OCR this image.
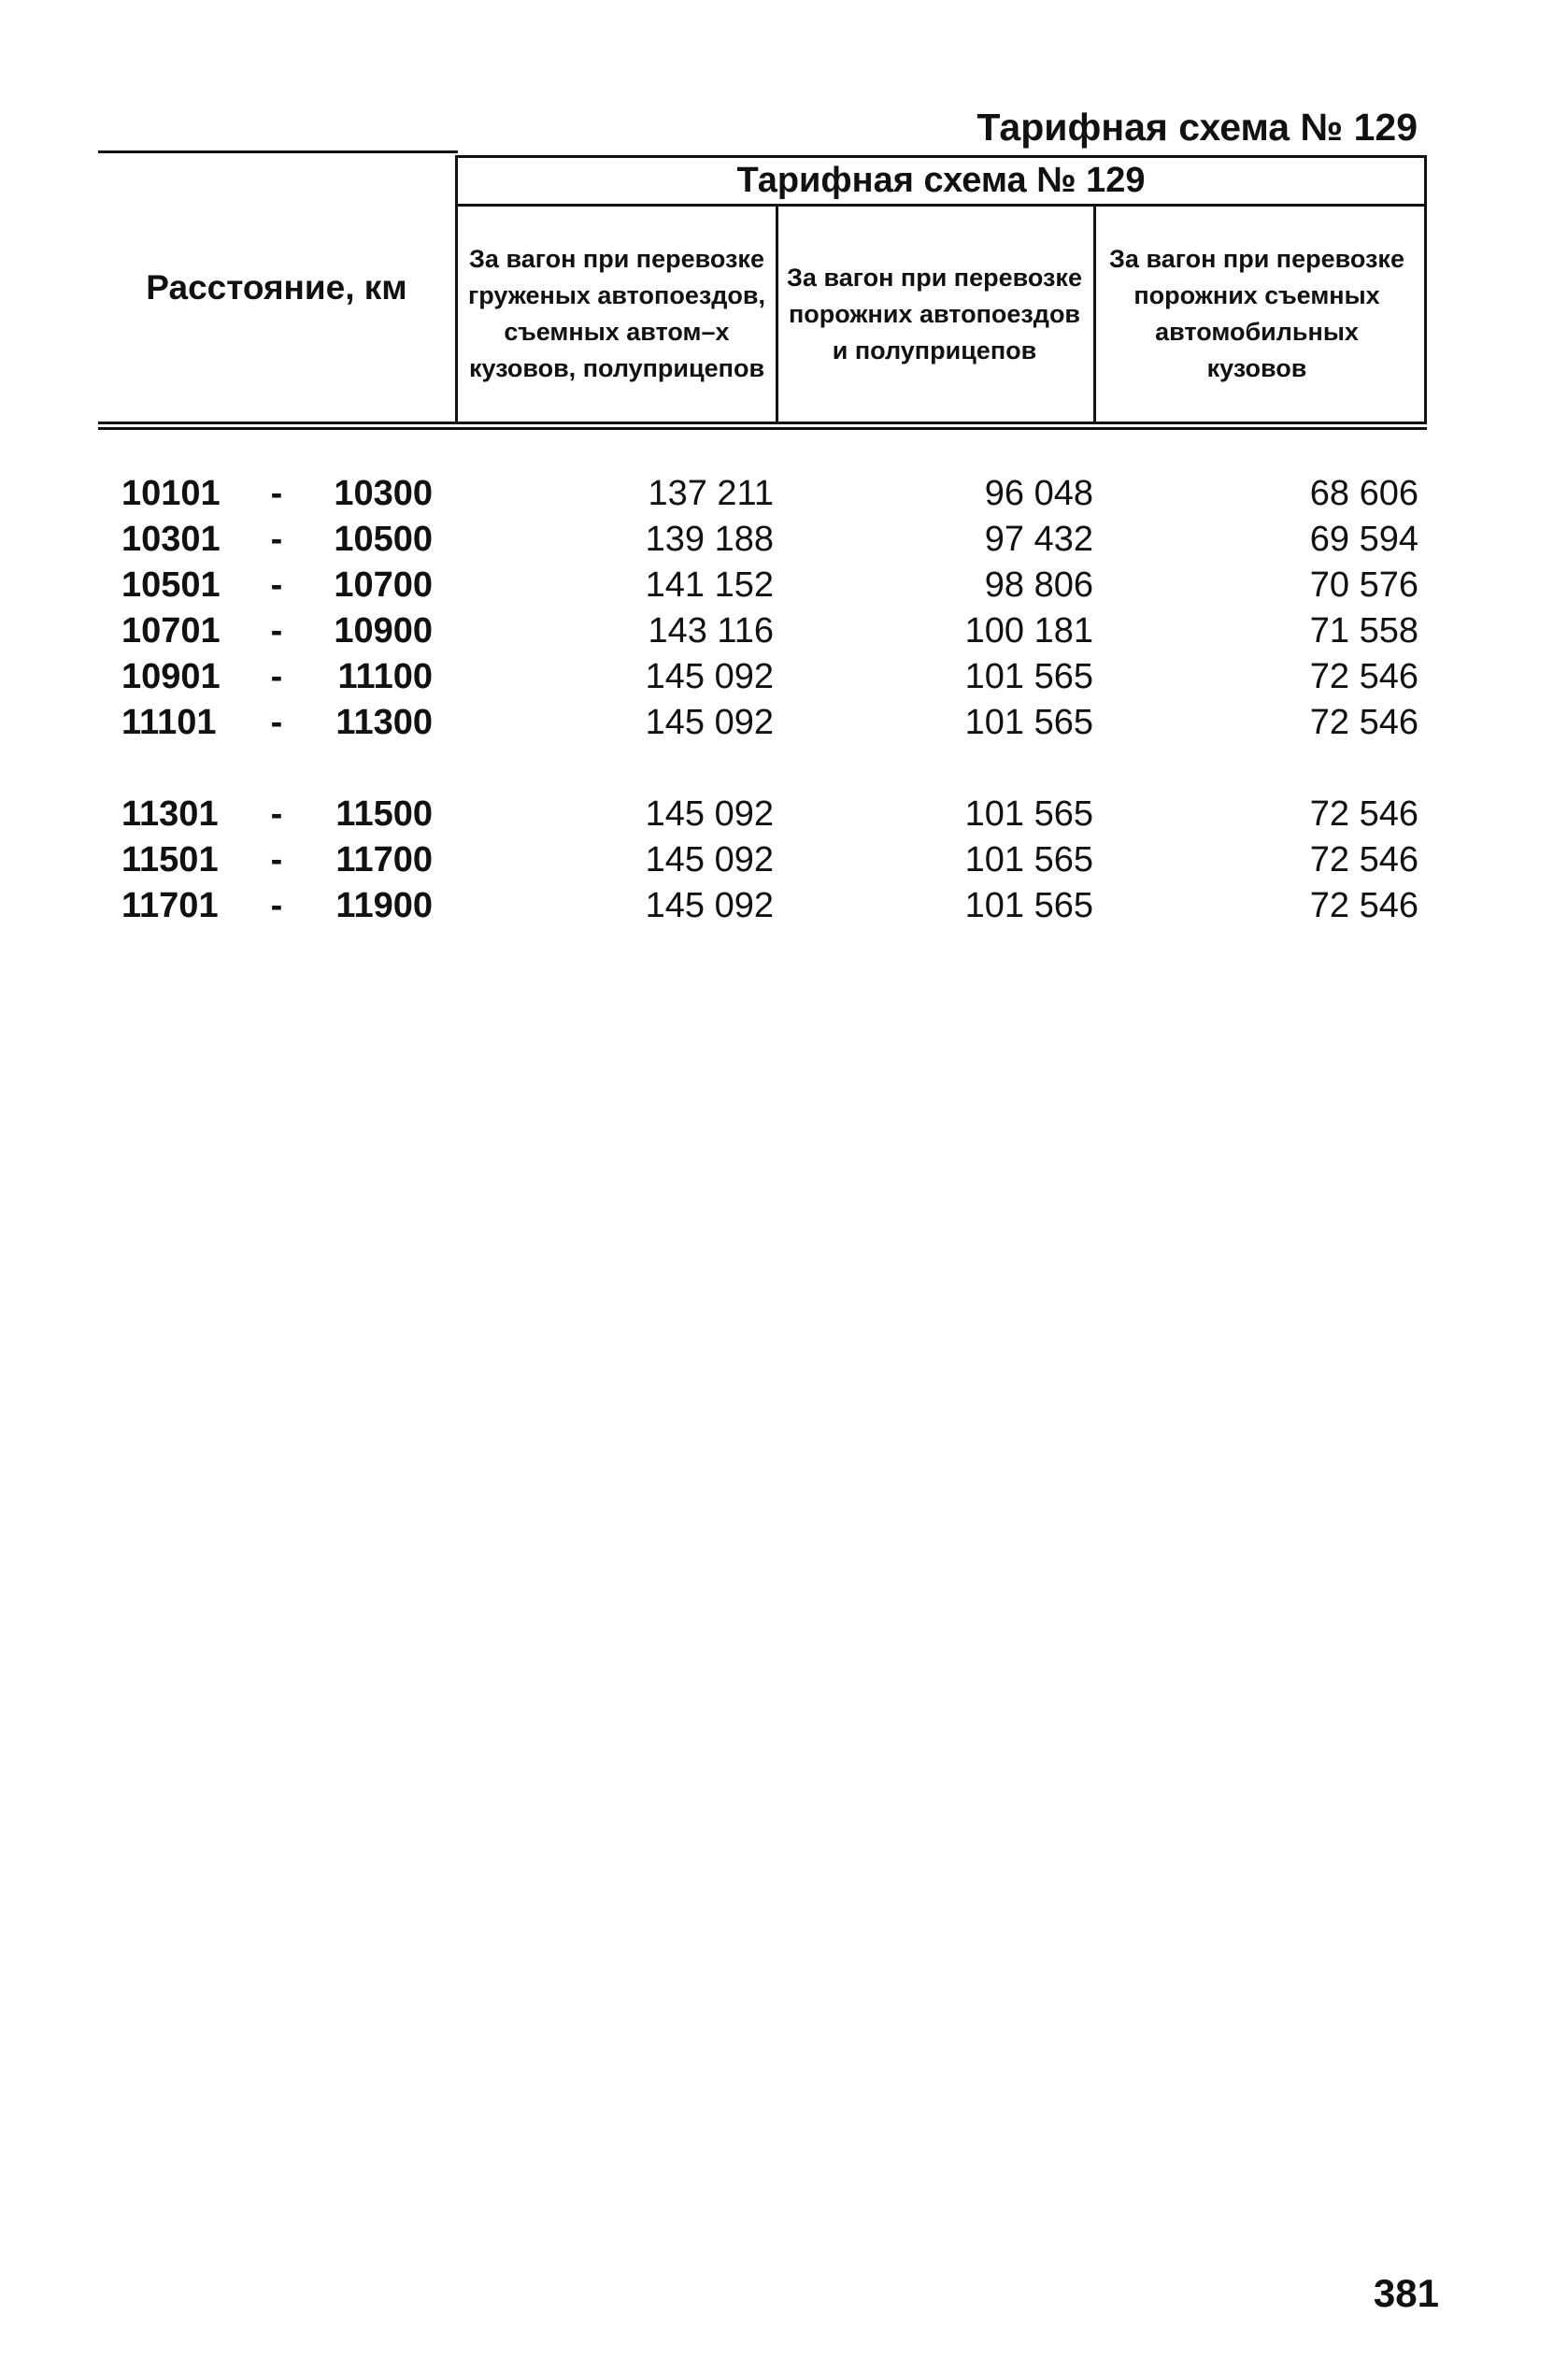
Тарифная схема № 129
Расстояние, км
Тарифная схема № 129
За вагон при перевозке груженых автопоездов, съемных автом–х кузовов, полуприцепов
За вагон при перевозке порожних автопоездов и полуприцепов
За вагон при перевозке порожних съемных автомобильных кузовов
10101	-	10300	137 211	96 048	68 606
10301	-	10500	139 188	97 432	69 594
10501	-	10700	141 152	98 806	70 576
10701	-	10900	143 116	100 181	71 558
10901	-	11100	145 092	101 565	72 546
11101	-	11300	145 092	101 565	72 546
11301	-	11500	145 092	101 565	72 546
11501	-	11700	145 092	101 565	72 546
11701	-	11900	145 092	101 565	72 546
381
